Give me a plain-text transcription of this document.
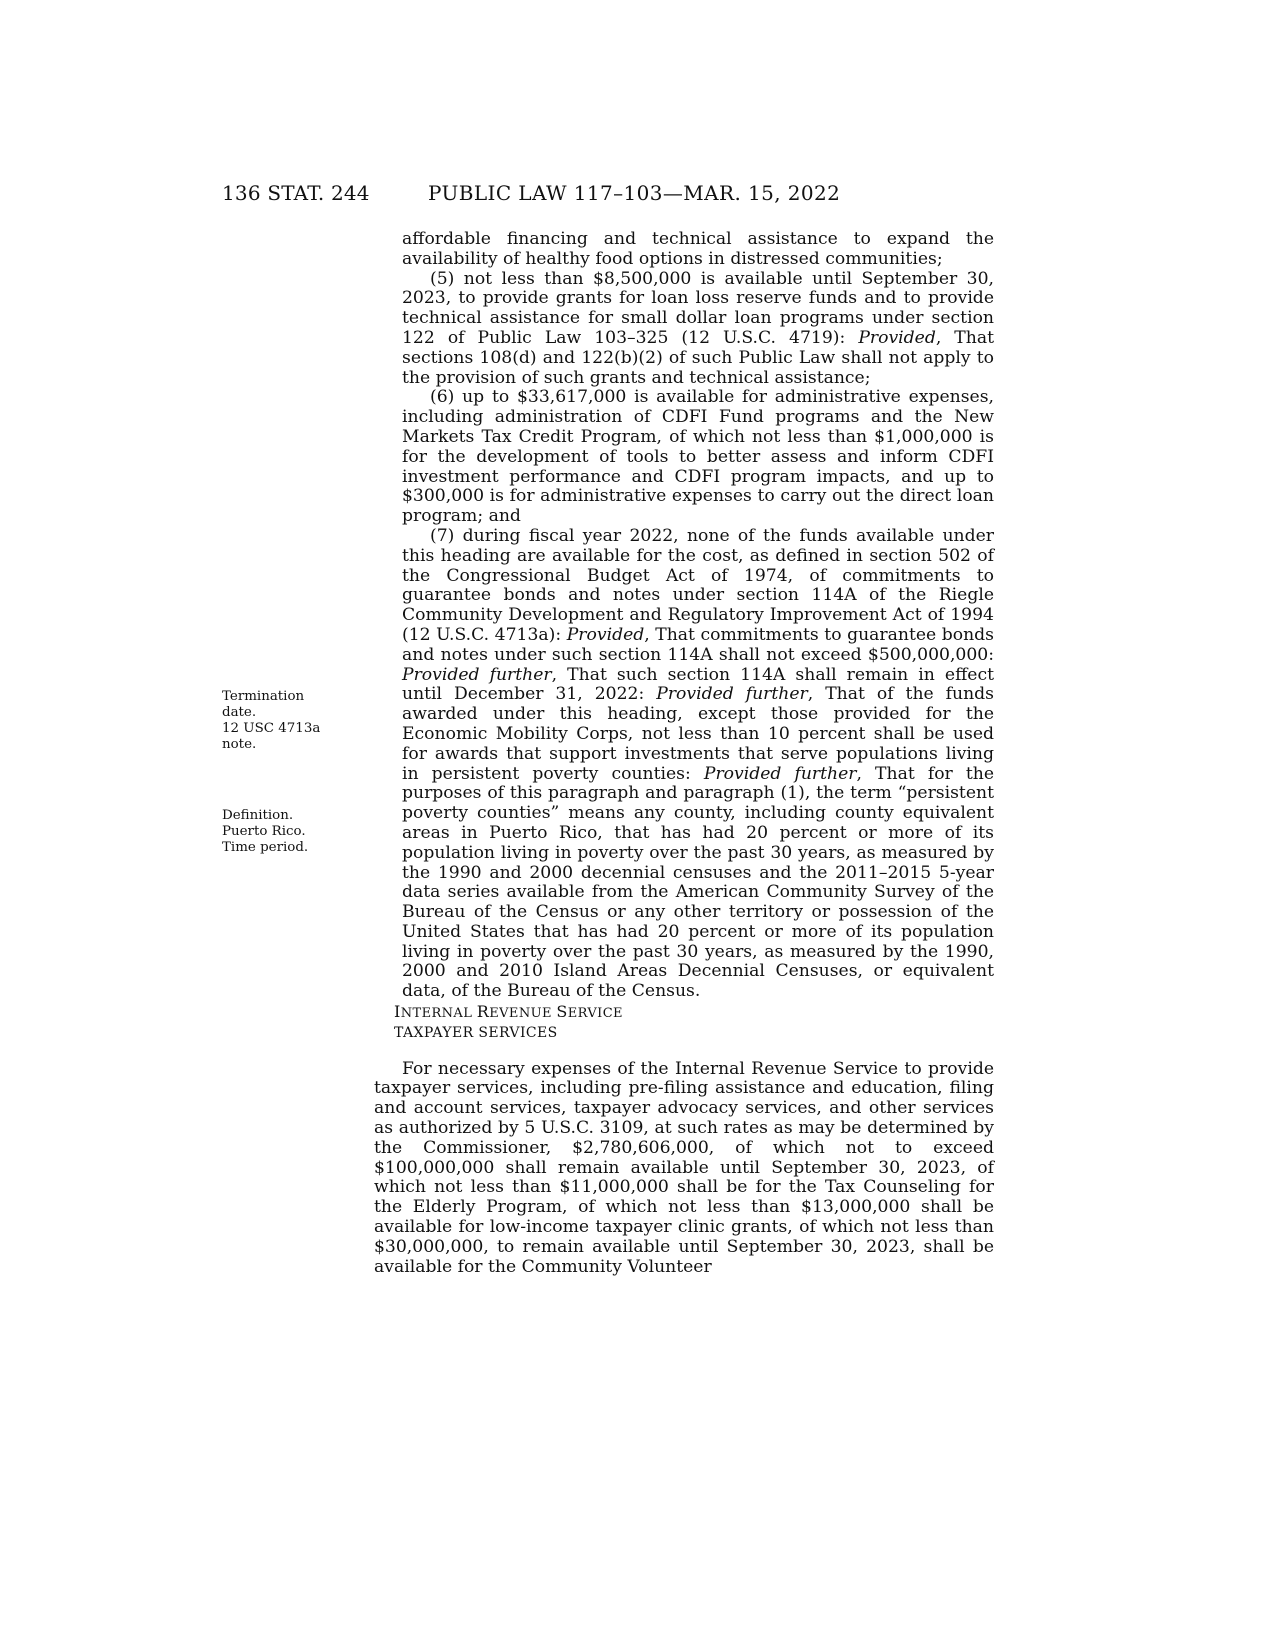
136 STAT. 244	PUBLIC LAW 117–103—MAR. 15, 2022
Termination
date.
12 USC 4713a
note.
Definition.
Puerto Rico.
Time period.

affordable financing and technical assistance to expand the availability of healthy food options in distressed communities;

(5) not less than $8,500,000 is available until September 30, 2023, to provide grants for loan loss reserve funds and to provide technical assistance for small dollar loan programs under section 122 of Public Law 103–325 (12 U.S.C. 4719): Provided, That sections 108(d) and 122(b)(2) of such Public Law shall not apply to the provision of such grants and technical assistance;

(6) up to $33,617,000 is available for administrative expenses, including administration of CDFI Fund programs and the New Markets Tax Credit Program, of which not less than $1,000,000 is for the development of tools to better assess and inform CDFI investment performance and CDFI program impacts, and up to $300,000 is for administrative expenses to carry out the direct loan program; and

(7) during fiscal year 2022, none of the funds available under this heading are available for the cost, as defined in section 502 of the Congressional Budget Act of 1974, of commitments to guarantee bonds and notes under section 114A of the Riegle Community Development and Regulatory Improvement Act of 1994 (12 U.S.C. 4713a): Provided, That commitments to guarantee bonds and notes under such section 114A shall not exceed $500,000,000: Provided further, That such section 114A shall remain in effect until December 31, 2022: Provided further, That of the funds awarded under this heading, except those provided for the Economic Mobility Corps, not less than 10 percent shall be used for awards that support investments that serve populations living in persistent poverty counties: Provided further, That for the purposes of this paragraph and paragraph (1), the term “persistent poverty counties” means any county, including county equivalent areas in Puerto Rico, that has had 20 percent or more of its population living in poverty over the past 30 years, as measured by the 1990 and 2000 decennial censuses and the 2011–2015 5-year data series available from the American Community Survey of the Bureau of the Census or any other territory or possession of the United States that has had 20 percent or more of its population living in poverty over the past 30 years, as measured by the 1990, 2000 and 2010 Island Areas Decennial Censuses, or equivalent data, of the Bureau of the Census.

INTERNAL REVENUE SERVICE

TAXPAYER SERVICES

For necessary expenses of the Internal Revenue Service to provide taxpayer services, including pre-filing assistance and education, filing and account services, taxpayer advocacy services, and other services as authorized by 5 U.S.C. 3109, at such rates as may be determined by the Commissioner, $2,780,606,000, of which not to exceed $100,000,000 shall remain available until September 30, 2023, of which not less than $11,000,000 shall be for the Tax Counseling for the Elderly Program, of which not less than $13,000,000 shall be available for low-income taxpayer clinic grants, of which not less than $30,000,000, to remain available until September 30, 2023, shall be available for the Community Volunteer
